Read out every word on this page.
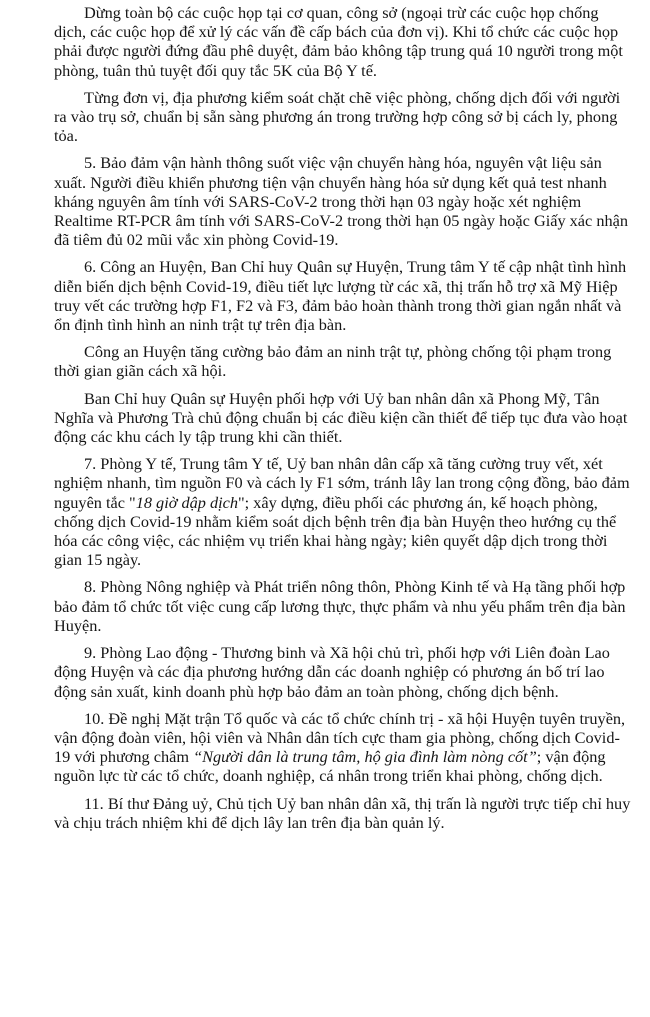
Dừng toàn bộ các cuộc họp tại cơ quan, công sở (ngoại trừ các cuộc họp chống dịch, các cuộc họp để xử lý các vấn đề cấp bách của đơn vị). Khi tổ chức các cuộc họp phải được người đứng đầu phê duyệt, đảm bảo không tập trung quá 10 người trong một phòng, tuân thủ tuyệt đối quy tắc 5K của Bộ Y tế.

Từng đơn vị, địa phương kiểm soát chặt chẽ việc phòng, chống dịch đối với người ra vào trụ sở, chuẩn bị sẵn sàng phương án trong trường hợp công sở bị cách ly, phong tỏa.

5. Bảo đảm vận hành thông suốt việc vận chuyển hàng hóa, nguyên vật liệu sản xuất. Người điều khiển phương tiện vận chuyển hàng hóa sử dụng kết quả test nhanh kháng nguyên âm tính với SARS-CoV-2 trong thời hạn 03 ngày hoặc xét nghiệm Realtime RT-PCR âm tính với SARS-CoV-2 trong thời hạn 05 ngày hoặc Giấy xác nhận đã tiêm đủ 02 mũi vắc xin phòng Covid-19.

6. Công an Huyện, Ban Chỉ huy Quân sự Huyện, Trung tâm Y tế cập nhật tình hình diễn biến dịch bệnh Covid-19, điều tiết lực lượng từ các xã, thị trấn hỗ trợ xã Mỹ Hiệp truy vết các trường hợp F1, F2 và F3, đảm bảo hoàn thành trong thời gian ngắn nhất và ổn định tình hình an ninh trật tự trên địa bàn.

Công an Huyện tăng cường bảo đảm an ninh trật tự, phòng chống tội phạm trong thời gian giãn cách xã hội.

Ban Chỉ huy Quân sự Huyện phối hợp với Uỷ ban nhân dân xã Phong Mỹ, Tân Nghĩa và Phương Trà chủ động chuẩn bị các điều kiện cần thiết để tiếp tục đưa vào hoạt động các khu cách ly tập trung khi cần thiết.

7. Phòng Y tế, Trung tâm Y tế, Uỷ ban nhân dân cấp xã tăng cường truy vết, xét nghiệm nhanh, tìm nguồn F0 và cách ly F1 sớm, tránh lây lan trong cộng đồng, bảo đảm nguyên tắc "18 giờ dập dịch"; xây dựng, điều phối các phương án, kế hoạch phòng, chống dịch Covid-19 nhằm kiểm soát dịch bệnh trên địa bàn Huyện theo hướng cụ thể hóa các công việc, các nhiệm vụ triển khai hàng ngày; kiên quyết dập dịch trong thời gian 15 ngày.

8. Phòng Nông nghiệp và Phát triển nông thôn, Phòng Kinh tế và Hạ tầng phối hợp bảo đảm tổ chức tốt việc cung cấp lương thực, thực phẩm và nhu yếu phẩm trên địa bàn Huyện.

9. Phòng Lao động - Thương binh và Xã hội chủ trì, phối hợp với Liên đoàn Lao động Huyện và các địa phương hướng dẫn các doanh nghiệp có phương án bố trí lao động sản xuất, kinh doanh phù hợp bảo đảm an toàn phòng, chống dịch bệnh.

10. Đề nghị Mặt trận Tổ quốc và các tổ chức chính trị - xã hội Huyện tuyên truyền, vận động đoàn viên, hội viên và Nhân dân tích cực tham gia phòng, chống dịch Covid-19 với phương châm “Người dân là trung tâm, hộ gia đình làm nòng cốt”; vận động nguồn lực từ các tổ chức, doanh nghiệp, cá nhân trong triển khai phòng, chống dịch.

11. Bí thư Đảng uỷ, Chủ tịch Uỷ ban nhân dân xã, thị trấn là người trực tiếp chỉ huy và chịu trách nhiệm khi để dịch lây lan trên địa bàn quản lý.
